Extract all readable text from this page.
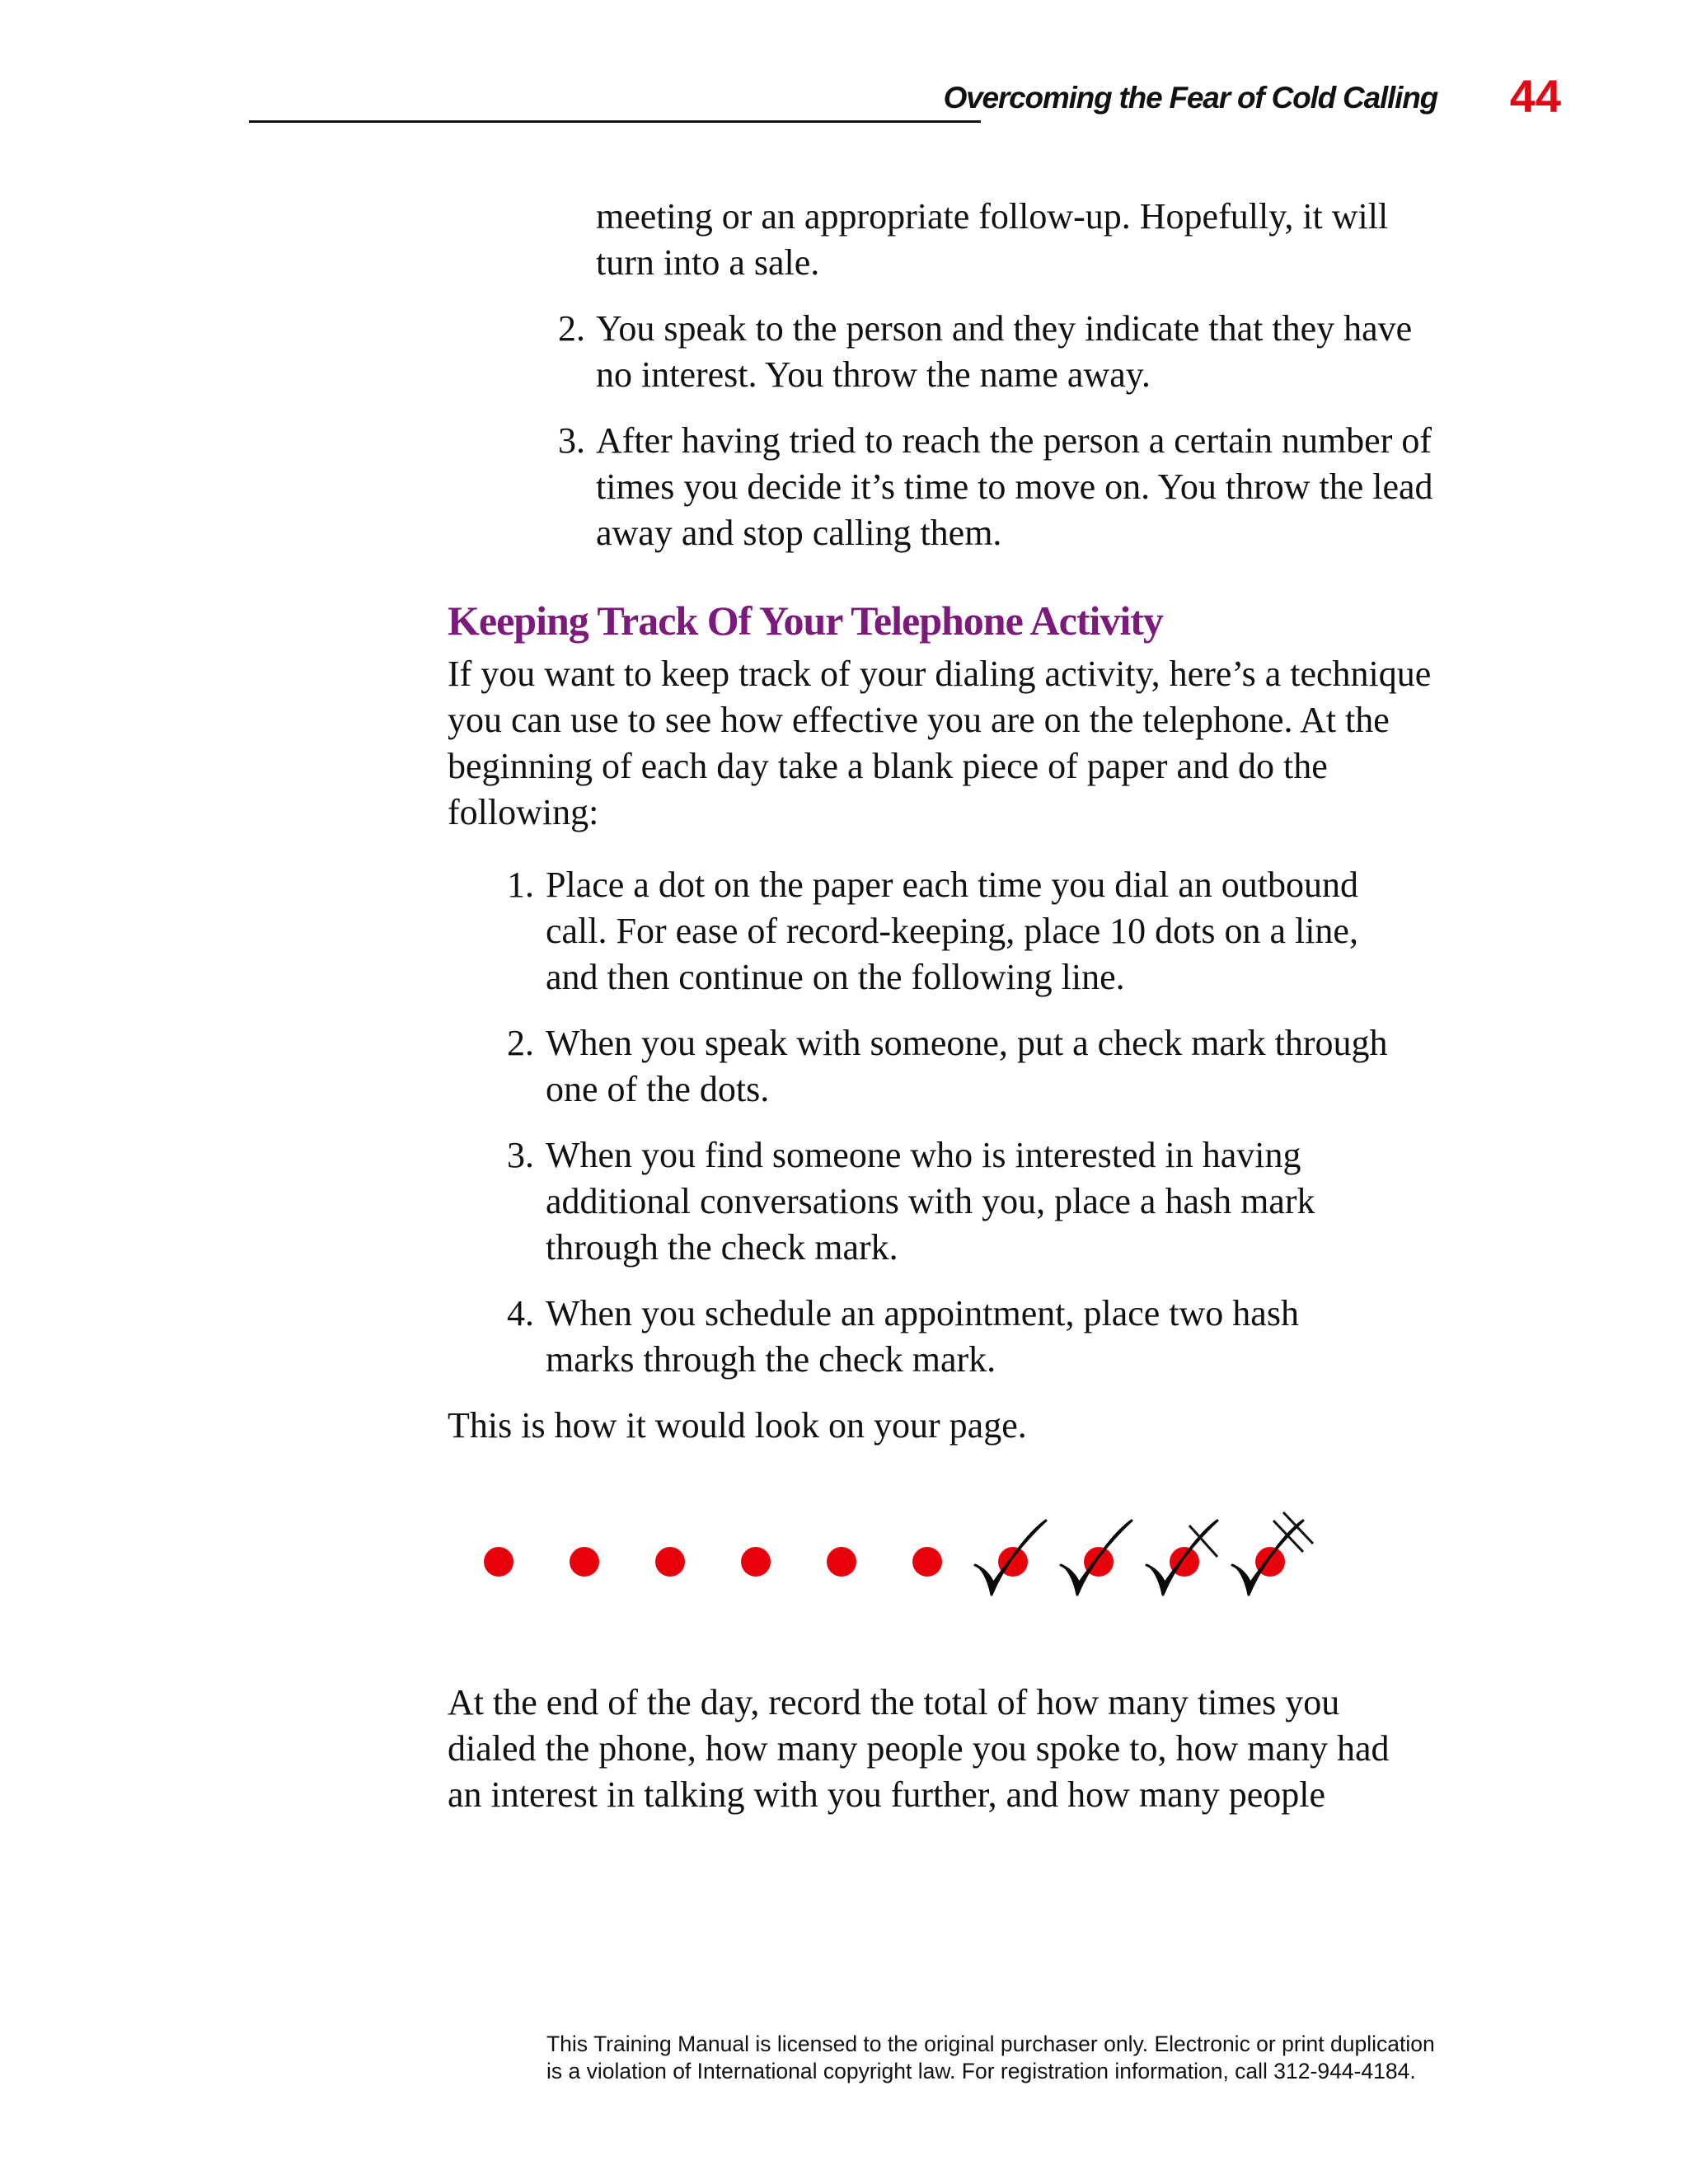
Overcoming the Fear of Cold Calling 44

meeting or an appropriate follow-up. Hopefully, it will turn into a sale.

2. You speak to the person and they indicate that they have no interest. You throw the name away.
3. After having tried to reach the person a certain number of times you decide it’s time to move on. You throw the lead away and stop calling them.
Keeping Track Of Your Telephone Activity

If you want to keep track of your dialing activity, here’s a technique you can use to see how effective you are on the telephone. At the beginning of each day take a blank piece of paper and do the following:

1. Place a dot on the paper each time you dial an outbound call. For ease of record-keeping, place 10 dots on a line, and then continue on the following line.
2. When you speak with someone, put a check mark through one of the dots.
3. When you find someone who is interested in having additional conversations with you, place a hash mark through the check mark.
4. When you schedule an appointment, place two hash marks through the check mark.

This is how it would look on your page.

At the end of the day, record the total of how many times you dialed the phone, how many people you spoke to, how many had an interest in talking with you further, and how many people

This Training Manual is licensed to the original purchaser only. Electronic or print duplication is a violation of International copyright law. For registration information, call 312-944-4184.
